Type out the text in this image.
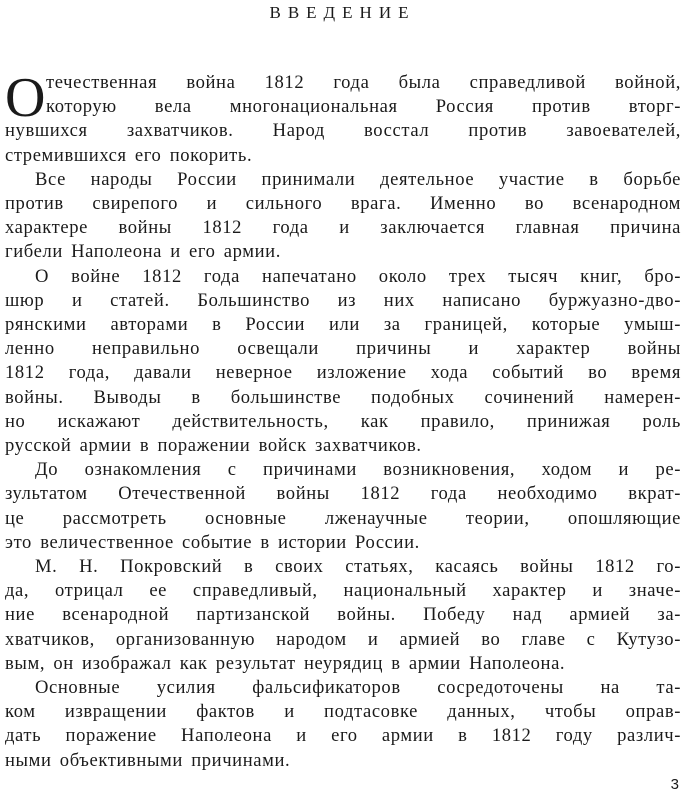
ВВЕДЕНИЕ
О течественная война 1812 года была справедливой войной,
которую вела многонациональная Россия против вторг-
нувшихся захватчиков. Народ восстал против завоевателей,
стремившихся его покорить.
Все народы России принимали деятельное участие в борьбе
против свирепого и сильного врага. Именно во всенародном
характере войны 1812 года и заключается главная причина
гибели Наполеона и его армии.
О войне 1812 года напечатано около трех тысяч книг, бро-
шюр и статей. Большинство из них написано буржуазно-дво-
рянскими авторами в России или за границей, которые умыш-
ленно неправильно освещали причины и характер войны
1812 года, давали неверное изложение хода событий во время
войны. Выводы в большинстве подобных сочинений намерен-
но искажают действительность, как правило, принижая роль
русской армии в поражении войск захватчиков.
До ознакомления с причинами возникновения, ходом и ре-
зультатом Отечественной войны 1812 года необходимо вкрат-
це рассмотреть основные лженаучные теории, опошляющие
это величественное событие в истории России.
М. Н. Покровский в своих статьях, касаясь войны 1812 го-
да, отрицал ее справедливый, национальный характер и значе-
ние всенародной партизанской войны. Победу над армией за-
хватчиков, организованную народом и армией во главе с Кутузо-
вым, он изображал как результат неурядиц в армии Наполеона.
Основные усилия фальсификаторов сосредоточены на та-
ком извращении фактов и подтасовке данных, чтобы оправ-
дать поражение Наполеона и его армии в 1812 году различ-
ными объективными причинами.
3
